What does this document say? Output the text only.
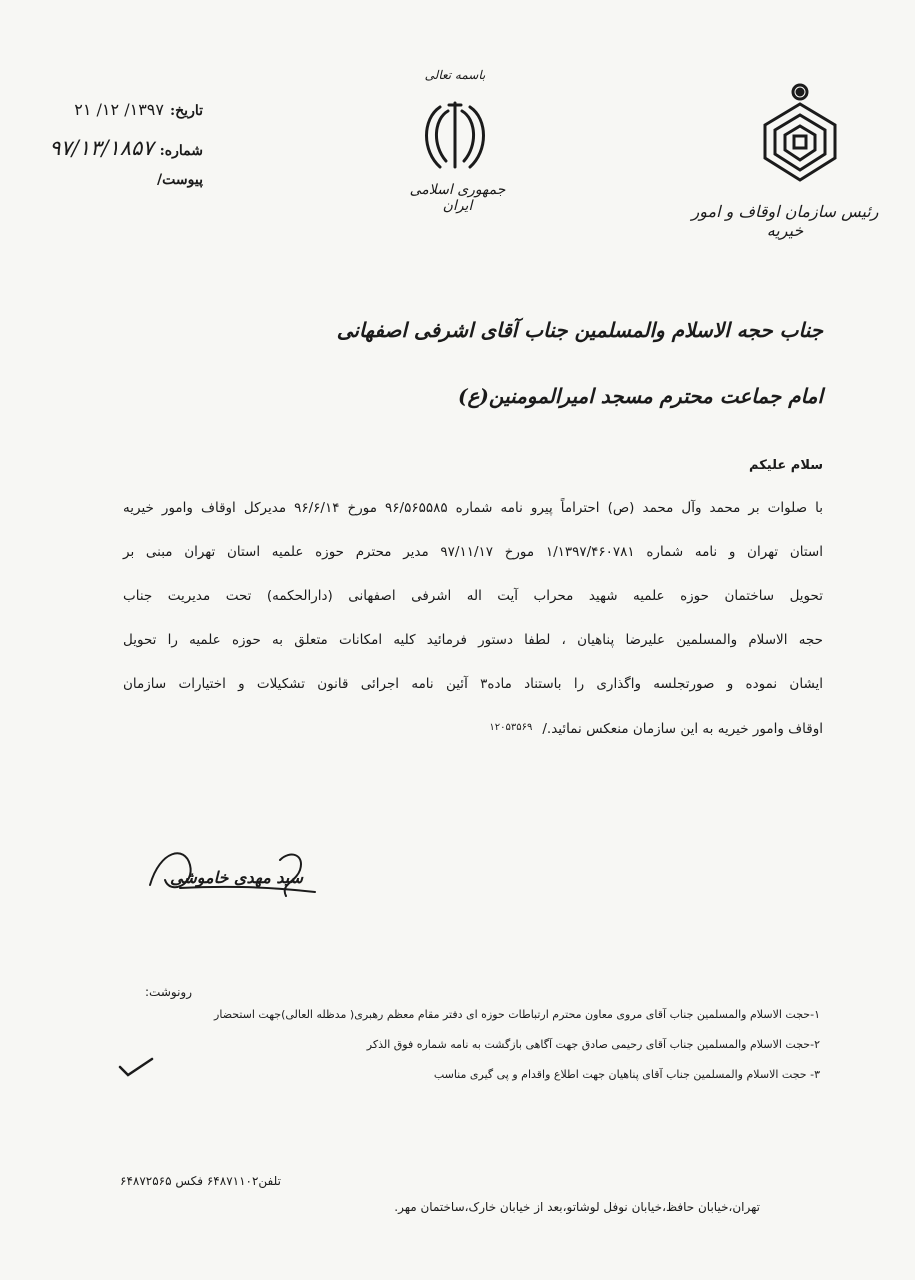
رئیس سازمان اوقاف و امور خیریه
باسمه تعالی
جمهوری اسلامی ایران
تاریخ:
۱۳۹۷/ ۱۲/ ۲۱
شماره:
۹۷/۱۳/۱۸۵۷
پیوست/
جناب حجه الاسلام والمسلمین جناب آقای اشرفی اصفهانی
امام جماعت محترم مسجد امیرالمومنین(ع)
سلام علیکم
با صلوات بر محمد وآل محمد (ص) احتراماً پیرو نامه شماره ۹۶/۵۶۵۵۸۵ مورخ ۹۶/۶/۱۴ مدیرکل اوقاف وامور خیریه
استان تهران و نامه شماره ۱/۱۳۹۷/۴۶۰۷۸۱ مورخ ۹۷/۱۱/۱۷ مدیر محترم حوزه علمیه استان تهران مبنی بر
تحویل ساختمان حوزه علمیه شهید محراب آیت اله اشرفی اصفهانی (دارالحکمه) تحت مدیریت جناب
حجه الاسلام والمسلمین علیرضا پناهیان ، لطفا دستور فرمائید کلیه امکانات متعلق به حوزه علمیه را تحویل
ایشان نموده و صورتجلسه واگذاری را باستناد ماده۳ آئین نامه اجرائی قانون تشکیلات و اختیارات سازمان
اوقاف وامور خیریه به این سازمان منعکس نمائید./$^{۱۲۰۵۳۵۶۹}$
سید مهدی خاموشی
رونوشت:
۱-حجت الاسلام والمسلمین جناب آقای مروی معاون محترم ارتباطات حوزه ای دفتر مقام معظم رهبری( مدظله العالی)جهت استحضار
۲-حجت الاسلام والمسلمین جناب آقای رحیمی صادق جهت آگاهی بازگشت به نامه شماره فوق الذکر
۳- حجت الاسلام والمسلمین جناب آقای پناهیان جهت اطلاع واقدام و پی گیری مناسب
تلفن۶۴۸۷۱۱۰۲ فکس ۶۴۸۷۲۵۶۵
تهران،خیابان حافظ،خیابان نوفل لوشاتو،بعد از خیابان خارک،ساختمان مهر.
